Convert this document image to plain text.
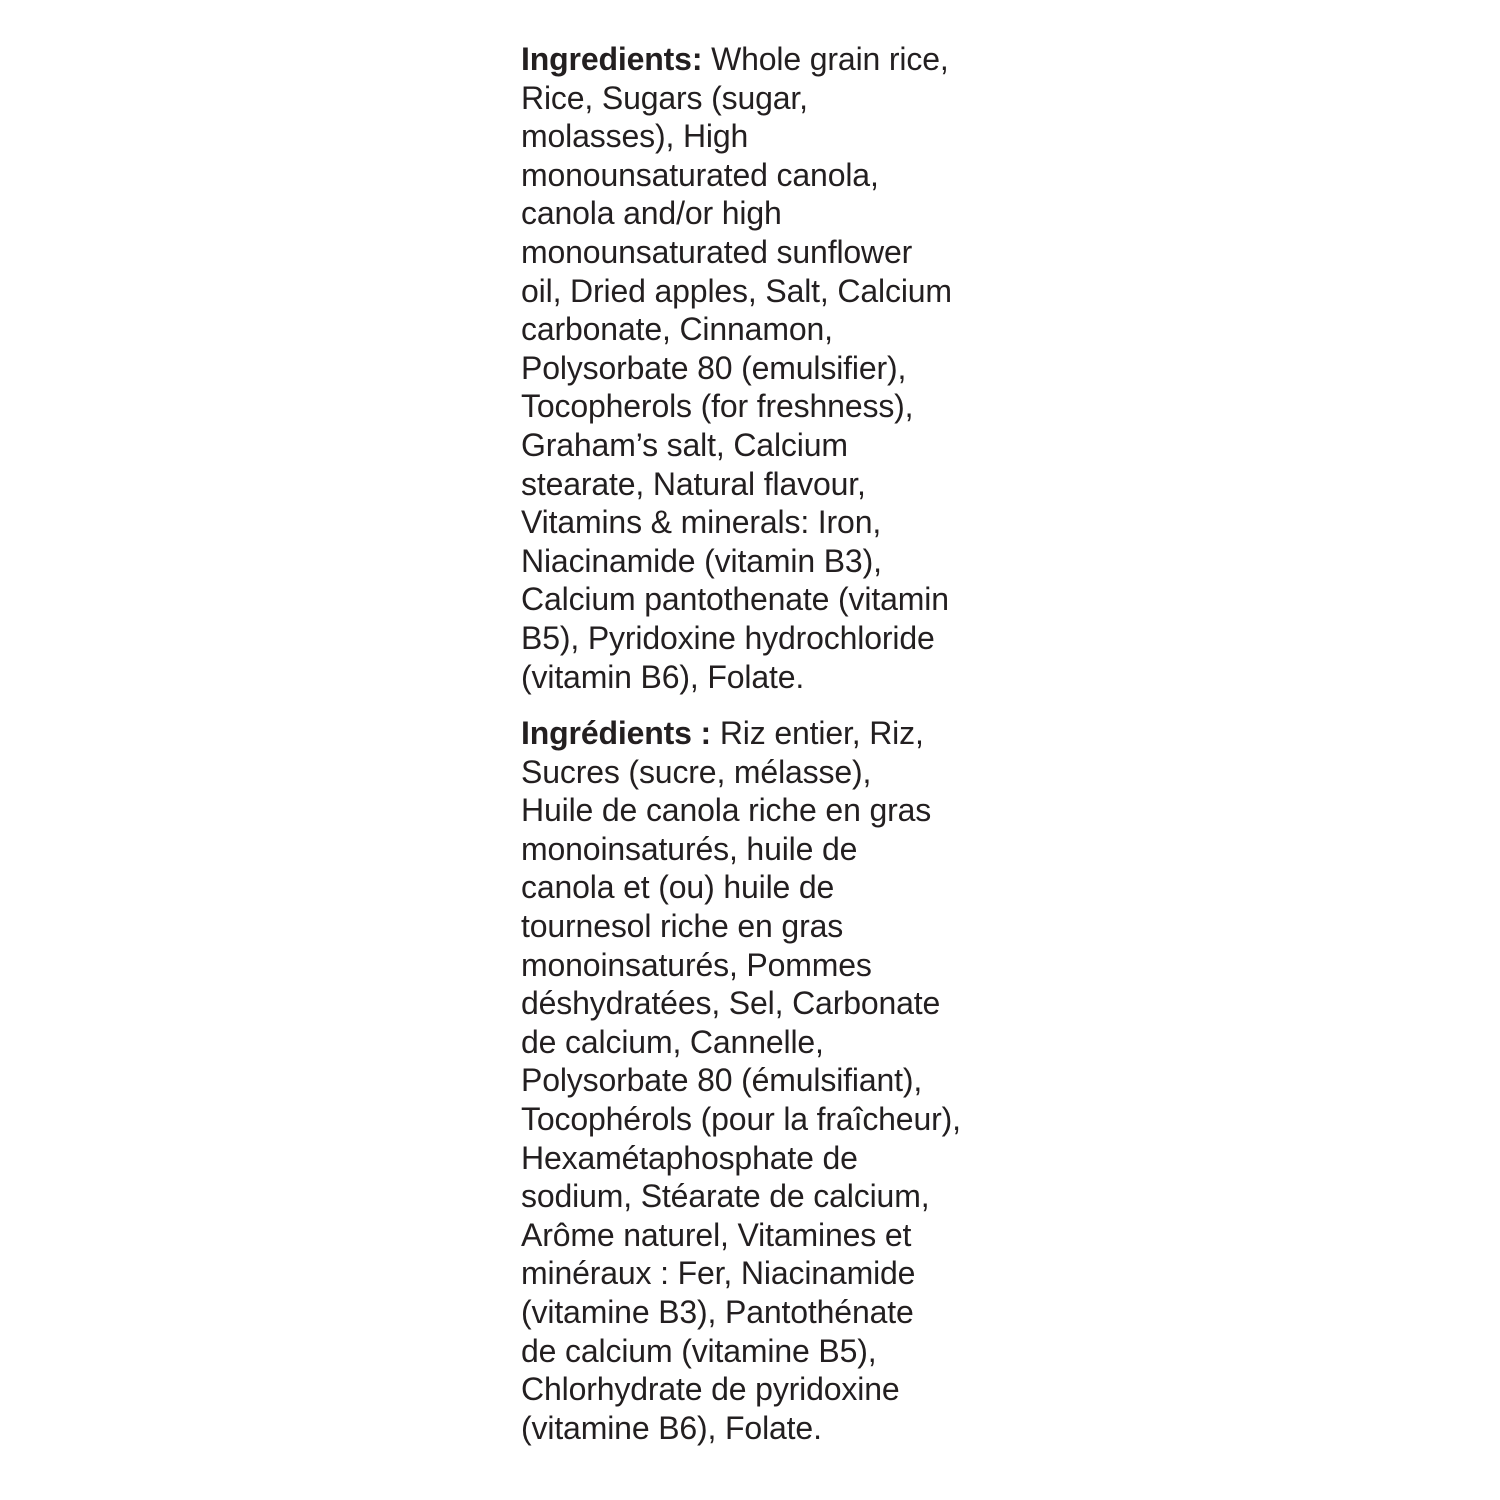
Ingredients: Whole grain rice,
Rice, Sugars (sugar,
molasses), High
monounsaturated canola,
canola and/or high
monounsaturated sunflower
oil, Dried apples, Salt, Calcium
carbonate, Cinnamon,
Polysorbate 80 (emulsifier),
Tocopherols (for freshness),
Graham’s salt, Calcium
stearate, Natural flavour,
Vitamins & minerals: Iron,
Niacinamide (vitamin B3),
Calcium pantothenate (vitamin
B5), Pyridoxine hydrochloride
(vitamin B6), Folate.

Ingrédients : Riz entier, Riz,
Sucres (sucre, mélasse),
Huile de canola riche en gras
monoinsaturés, huile de
canola et (ou) huile de
tournesol riche en gras
monoinsaturés, Pommes
déshydratées, Sel, Carbonate
de calcium, Cannelle,
Polysorbate 80 (émulsifiant),
Tocophérols (pour la fraîcheur),
Hexamétaphosphate de
sodium, Stéarate de calcium,
Arôme naturel, Vitamines et
minéraux : Fer, Niacinamide
(vitamine B3), Pantothénate
de calcium (vitamine B5),
Chlorhydrate de pyridoxine
(vitamine B6), Folate.
